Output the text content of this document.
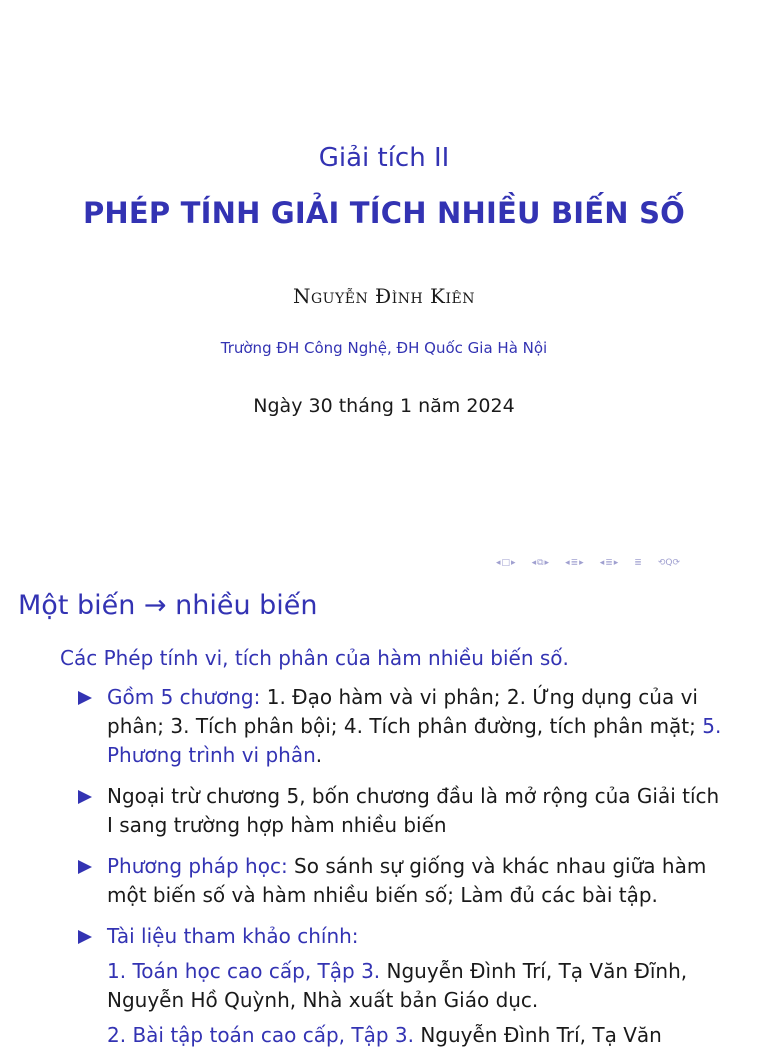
Giải tích II
PHÉP TÍNH GIẢI TÍCH NHIỀU BIẾN SỐ
Nguyễn Đình Kiên
Trường ĐH Công Nghệ, ĐH Quốc Gia Hà Nội
Ngày 30 tháng 1 năm 2024
◂ □ ▸ ◂ ⧉ ▸ ◂ ≣ ▸ ◂ ≣ ▸ ≣ ⟲Q⟳
Một biến → nhiều biến
Các Phép tính vi, tích phân của hàm nhiều biến số.
Gồm 5 chương: 1. Đạo hàm và vi phân; 2. Ứng dụng của vi phân; 3. Tích phân bội; 4. Tích phân đường, tích phân mặt; 5. Phương trình vi phân.
Ngoại trừ chương 5, bốn chương đầu là mở rộng của Giải tích I sang trường hợp hàm nhiều biến
Phương pháp học: So sánh sự giống và khác nhau giữa hàm một biến số và hàm nhiều biến số; Làm đủ các bài tập.
Tài liệu tham khảo chính:
1. Toán học cao cấp, Tập 3. Nguyễn Đình Trí, Tạ Văn Đĩnh, Nguyễn Hồ Quỳnh, Nhà xuất bản Giáo dục.
2. Bài tập toán cao cấp, Tập 3. Nguyễn Đình Trí, Tạ Văn
